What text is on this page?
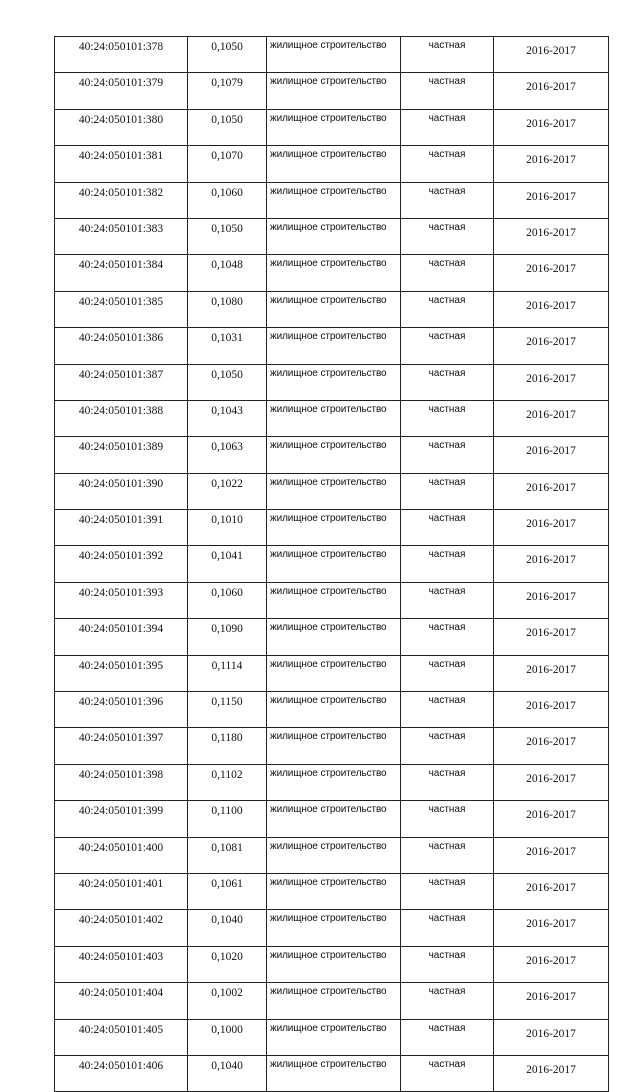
40:24:050101:378	0,1050	жилищное строительство	частная	2016-2017
40:24:050101:379	0,1079	жилищное строительство	частная	2016-2017
40:24:050101:380	0,1050	жилищное строительство	частная	2016-2017
40:24:050101:381	0,1070	жилищное строительство	частная	2016-2017
40:24:050101:382	0,1060	жилищное строительство	частная	2016-2017
40:24:050101:383	0,1050	жилищное строительство	частная	2016-2017
40:24:050101:384	0,1048	жилищное строительство	частная	2016-2017
40:24:050101:385	0,1080	жилищное строительство	частная	2016-2017
40:24:050101:386	0,1031	жилищное строительство	частная	2016-2017
40:24:050101:387	0,1050	жилищное строительство	частная	2016-2017
40:24:050101:388	0,1043	жилищное строительство	частная	2016-2017
40:24:050101:389	0,1063	жилищное строительство	частная	2016-2017
40:24:050101:390	0,1022	жилищное строительство	частная	2016-2017
40:24:050101:391	0,1010	жилищное строительство	частная	2016-2017
40:24:050101:392	0,1041	жилищное строительство	частная	2016-2017
40:24:050101:393	0,1060	жилищное строительство	частная	2016-2017
40:24:050101:394	0,1090	жилищное строительство	частная	2016-2017
40:24:050101:395	0,1114	жилищное строительство	частная	2016-2017
40:24:050101:396	0,1150	жилищное строительство	частная	2016-2017
40:24:050101:397	0,1180	жилищное строительство	частная	2016-2017
40:24:050101:398	0,1102	жилищное строительство	частная	2016-2017
40:24:050101:399	0,1100	жилищное строительство	частная	2016-2017
40:24:050101:400	0,1081	жилищное строительство	частная	2016-2017
40:24:050101:401	0,1061	жилищное строительство	частная	2016-2017
40:24:050101:402	0,1040	жилищное строительство	частная	2016-2017
40:24:050101:403	0,1020	жилищное строительство	частная	2016-2017
40:24:050101:404	0,1002	жилищное строительство	частная	2016-2017
40:24:050101:405	0,1000	жилищное строительство	частная	2016-2017
40:24:050101:406	0,1040	жилищное строительство	частная	2016-2017
